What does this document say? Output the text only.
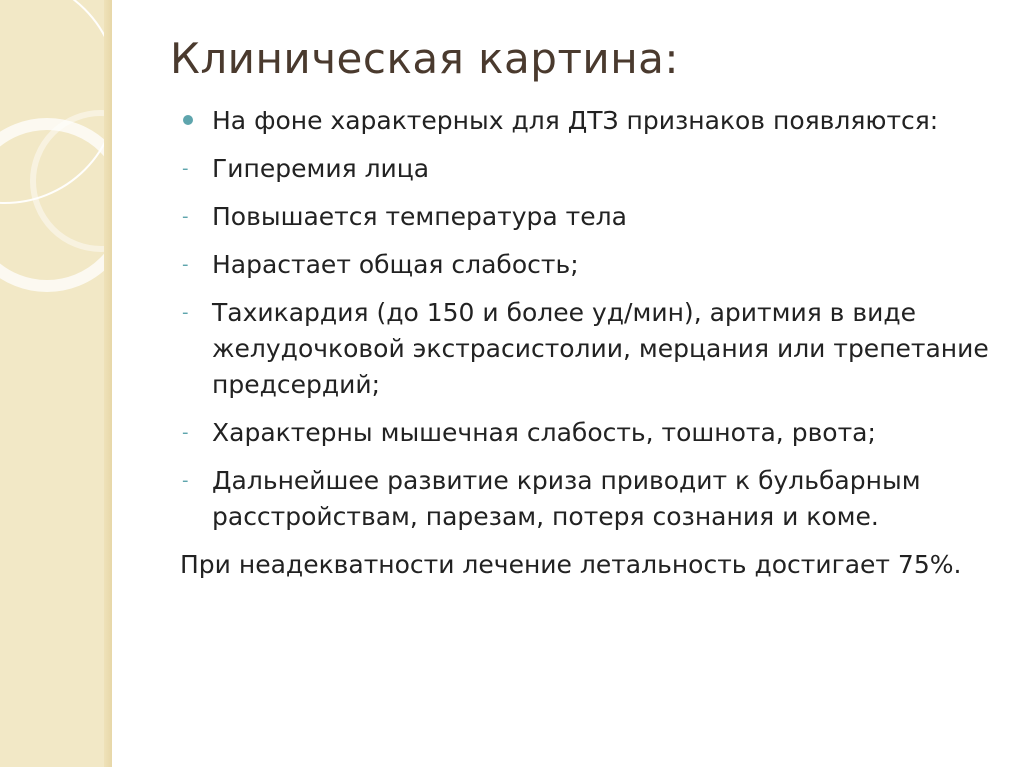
Клиническая картина:
На фоне характерных для ДТЗ признаков появляются:
- Гиперемия лица
- Повышается температура тела
- Нарастает общая слабость;
- Тахикардия (до 150 и более уд/мин), аритмия в виде желудочковой экстрасистолии, мерцания или трепетание предсердий;
- Характерны мышечная слабость, тошнота, рвота;
- Дальнейшее развитие криза приводит к бульбарным расстройствам, парезам, потеря сознания и коме.
При неадекватности лечение летальность достигает 75%.
